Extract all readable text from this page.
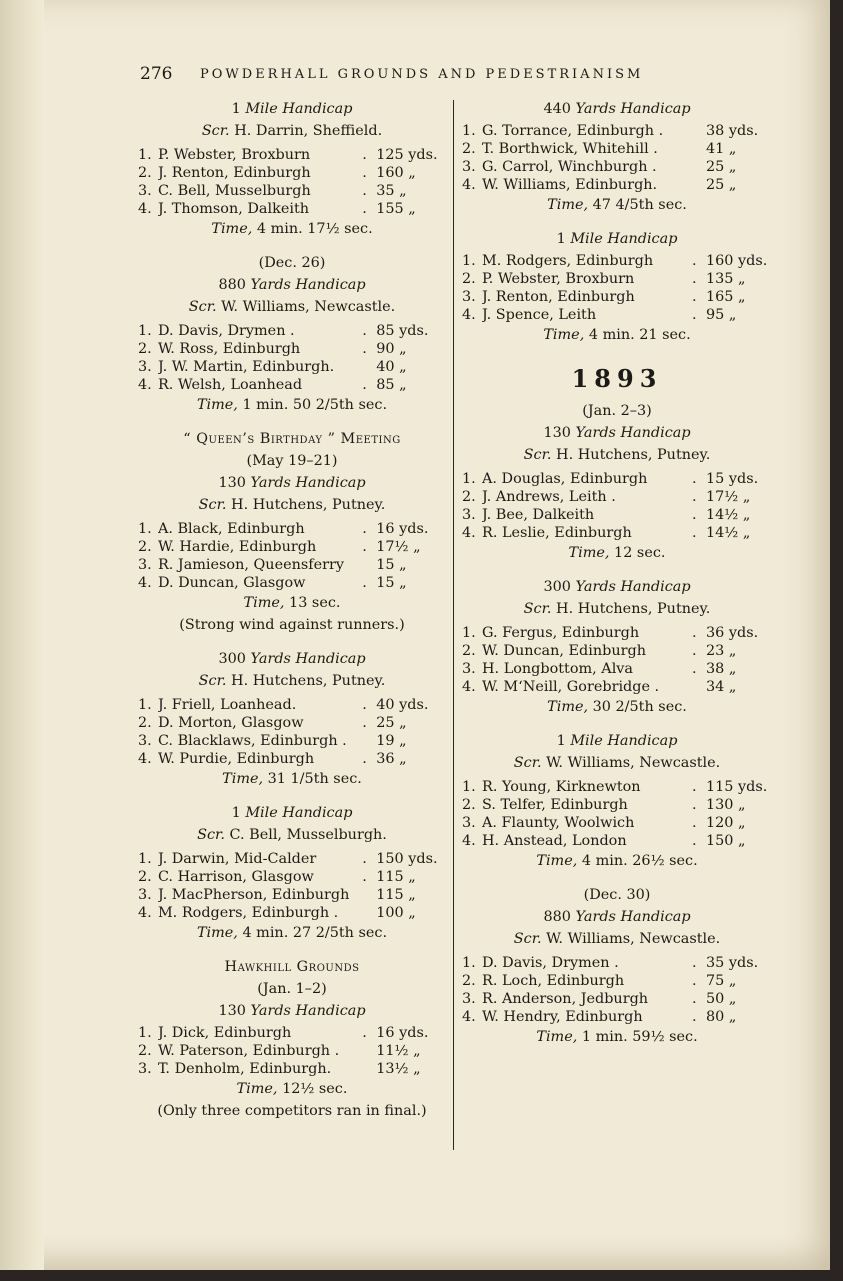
276 POWDERHALL GROUNDS AND PEDESTRIANISM
1 Mile Handicap
Scr. H. Darrin, Sheffield.
1. P. Webster, Broxburn	. 125 yds.
2. J. Renton, Edinburgh	. 160 „
3. C. Bell, Musselburgh	. 35 „
4. J. Thomson, Dalkeith	. 155 „
Time, 4 min. 17½ sec.
(Dec. 26)
880 Yards Handicap
Scr. W. Williams, Newcastle.
1. D. Davis, Drymen .	. 85 yds.
2. W. Ross, Edinburgh	. 90 „
3. J. W. Martin, Edinburgh.	40 „
4. R. Welsh, Loanhead	. 85 „
Time, 1 min. 50 2/5th sec.
“ Queen’s Birthday ” Meeting
(May 19–21)
130 Yards Handicap
Scr. H. Hutchens, Putney.
1. A. Black, Edinburgh	. 16 yds.
2. W. Hardie, Edinburgh	. 17½ „
3. R. Jamieson, Queensferry	15 „
4. D. Duncan, Glasgow	. 15 „
Time, 13 sec.
(Strong wind against runners.)
300 Yards Handicap
Scr. H. Hutchens, Putney.
1. J. Friell, Loanhead.	. 40 yds.
2. D. Morton, Glasgow	. 25 „
3. C. Blacklaws, Edinburgh .	19 „
4. W. Purdie, Edinburgh	. 36 „
Time, 31 1/5th sec.
1 Mile Handicap
Scr. C. Bell, Musselburgh.
1. J. Darwin, Mid-Calder	. 150 yds.
2. C. Harrison, Glasgow	. 115 „
3. J. MacPherson, Edinburgh	115 „
4. M. Rodgers, Edinburgh .	100 „
Time, 4 min. 27 2/5th sec.
Hawkhill Grounds
(Jan. 1–2)
130 Yards Handicap
1. J. Dick, Edinburgh	. 16 yds.
2. W. Paterson, Edinburgh .	11½ „
3. T. Denholm, Edinburgh.	13½ „
Time, 12½ sec.
(Only three competitors ran in final.)
440 Yards Handicap
1. G. Torrance, Edinburgh .	38 yds.
2. T. Borthwick, Whitehill .	41 „
3. G. Carrol, Winchburgh .	25 „
4. W. Williams, Edinburgh.	25 „
Time, 47 4/5th sec.
1 Mile Handicap
1. M. Rodgers, Edinburgh	. 160 yds.
2. P. Webster, Broxburn	. 135 „
3. J. Renton, Edinburgh	. 165 „
4. J. Spence, Leith	. 95 „
Time, 4 min. 21 sec.
1893
(Jan. 2–3)
130 Yards Handicap
Scr. H. Hutchens, Putney.
1. A. Douglas, Edinburgh	. 15 yds.
2. J. Andrews, Leith .	. 17½ „
3. J. Bee, Dalkeith	. 14½ „
4. R. Leslie, Edinburgh	. 14½ „
Time, 12 sec.
300 Yards Handicap
Scr. H. Hutchens, Putney.
1. G. Fergus, Edinburgh	. 36 yds.
2. W. Duncan, Edinburgh	. 23 „
3. H. Longbottom, Alva	. 38 „
4. W. M‘Neill, Gorebridge .	34 „
Time, 30 2/5th sec.
1 Mile Handicap
Scr. W. Williams, Newcastle.
1. R. Young, Kirknewton	. 115 yds.
2. S. Telfer, Edinburgh	. 130 „
3. A. Flaunty, Woolwich	. 120 „
4. H. Anstead, London	. 150 „
Time, 4 min. 26½ sec.
(Dec. 30)
880 Yards Handicap
Scr. W. Williams, Newcastle.
1. D. Davis, Drymen .	. 35 yds.
2. R. Loch, Edinburgh	. 75 „
3. R. Anderson, Jedburgh	. 50 „
4. W. Hendry, Edinburgh	. 80 „
Time, 1 min. 59½ sec.
